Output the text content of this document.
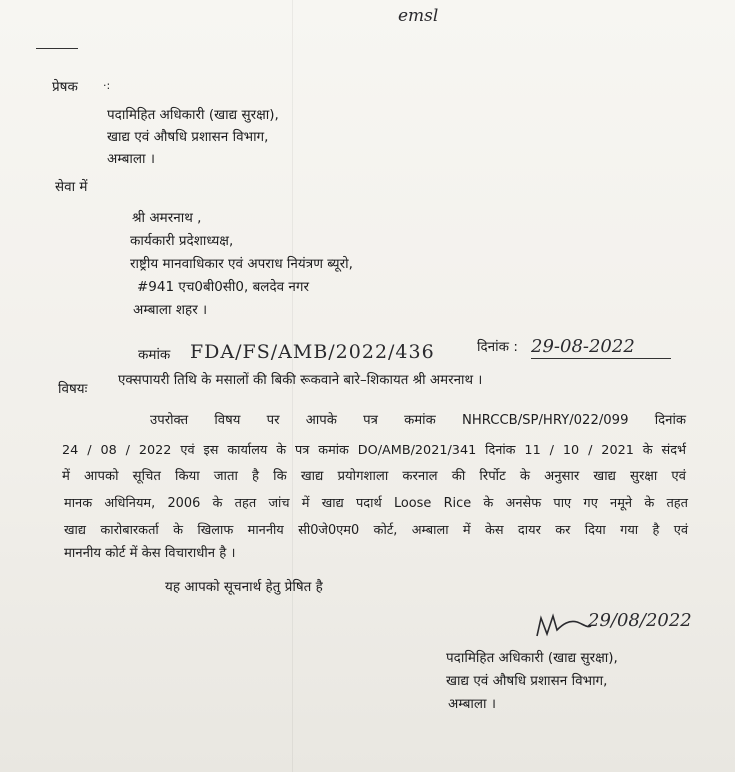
emsl
प्रेषक ·:
पदामिहित अधिकारी (खाद्य सुरक्षा),
खाद्य एवं औषधि प्रशासन विभाग,
अम्बाला ।
सेवा में
श्री अमरनाथ ,
कार्यकारी प्रदेशाध्यक्ष,
राष्ट्रीय मानवाधिकार एवं अपराध नियंत्रण ब्यूरो,
#941 एच0बी0सी0, बलदेव नगर
अम्बाला शहर ।
कमांक FDA/FS/AMB/2022/436	दिनांक : 29-08-2022
विषयः
एक्सपायरी तिथि के मसालों की बिकी रूकवाने बारे–शिकायत श्री अमरनाथ ।
उपरोक्त विषय पर आपके पत्र कमांक NHRCCB/SP/HRY/022/099 दिनांक
24 / 08 / 2022 एवं इस कार्यालय के पत्र कमांक DO/AMB/2021/341 दिनांक 11 / 10 / 2021 के संदर्भ
में आपको सूचित किया जाता है कि खाद्य प्रयोगशाला करनाल की रिर्पोट के अनुसार खाद्य सुरक्षा एवं
मानक अधिनियम, 2006 के तहत जांच में खाद्य पदार्थ Loose Rice के अनसेफ पाए गए नमूने के तहत
खाद्य कारोबारकर्ता के खिलाफ माननीय सी0जे0एम0 कोर्ट, अम्बाला में केस दायर कर दिया गया है एवं
माननीय कोर्ट में केस विचाराधीन है ।
यह आपको सूचनार्थ हेतु प्रेषित है
29/08/2022
पदामिहित अधिकारी (खाद्य सुरक्षा),
खाद्य एवं औषधि प्रशासन विभाग,
अम्बाला ।
